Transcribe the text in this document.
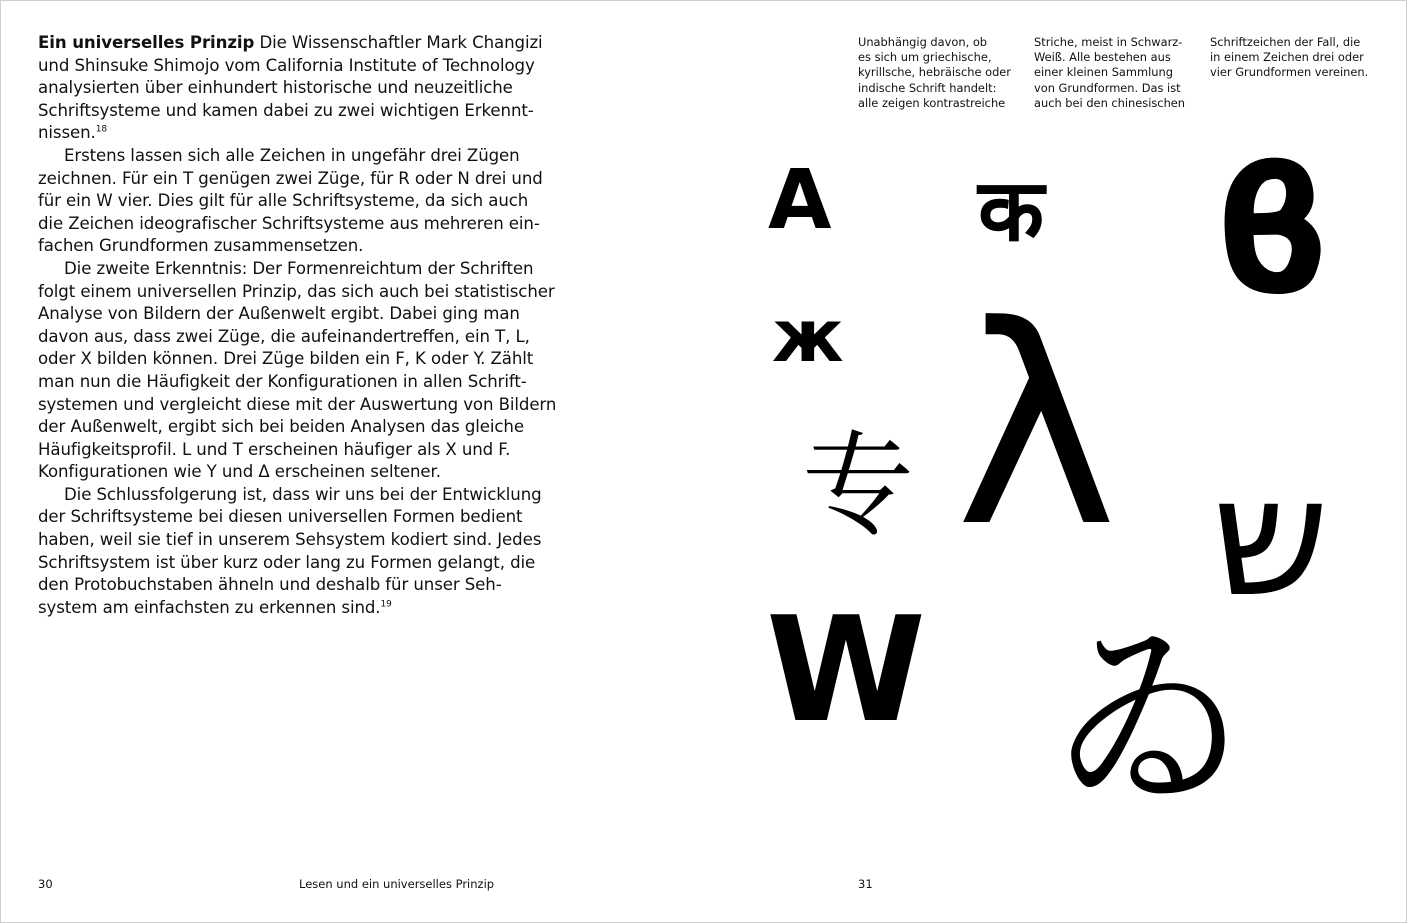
Ein universelles Prinzip Die Wissenschaftler Mark Changizi und Shinsuke Shimojo vom California Institute of Technology analysierten über einhundert historische und neuzeitliche Schriftsysteme und kamen dabei zu zwei wichtigen Erkennt-nissen.$^{18}$

Erstens lassen sich alle Zeichen in ungefähr drei Zügen zeichnen. Für ein T genügen zwei Züge, für R oder N drei und für ein W vier. Dies gilt für alle Schriftsysteme, da sich auch die Zeichen ideografischer Schriftsysteme aus mehreren ein-fachen Grundformen zusammensetzen.

Die zweite Erkenntnis: Der Formenreichtum der Schriften folgt einem universellen Prinzip, das sich auch bei statistischer Analyse von Bildern der Außenwelt ergibt. Dabei ging man davon aus, dass zwei Züge, die aufeinandertreffen, ein T, L, oder X bilden können. Drei Züge bilden ein F, K oder Y. Zählt man nun die Häufigkeit der Konfigurationen in allen Schrift-systemen und vergleicht diese mit der Auswertung von Bildern der Außenwelt, ergibt sich bei beiden Analysen das gleiche Häufigkeitsprofil. L und T erscheinen häufiger als X und F. Konfigurationen wie Y und Δ erscheinen seltener.

Die Schlussfolgerung ist, dass wir uns bei der Entwicklung der Schriftsysteme bei diesen universellen Formen bedient haben, weil sie tief in unserem Sehsystem kodiert sind. Jedes Schriftsystem ist über kurz oder lang zu Formen gelangt, die den Protobuchstaben ähneln und deshalb für unser Seh-system am einfachsten zu erkennen sind.$^{19}$

Unabhängig davon, ob
es sich um griechische,
kyrillsche, hebräische oder
indische Schrift handelt:
alle zeigen kontrastreiche
Striche, meist in Schwarz-
Weiß. Alle bestehen aus
einer kleinen Sammlung
von Grundformen. Das ist
auch bei den chinesischen
Schriftzeichen der Fall, die
in einem Zeichen drei oder
vier Grundformen vereinen.
A क ϐ
ж λ
专 ש
W ゐ
30	Lesen und ein universelles Prinzip	31
